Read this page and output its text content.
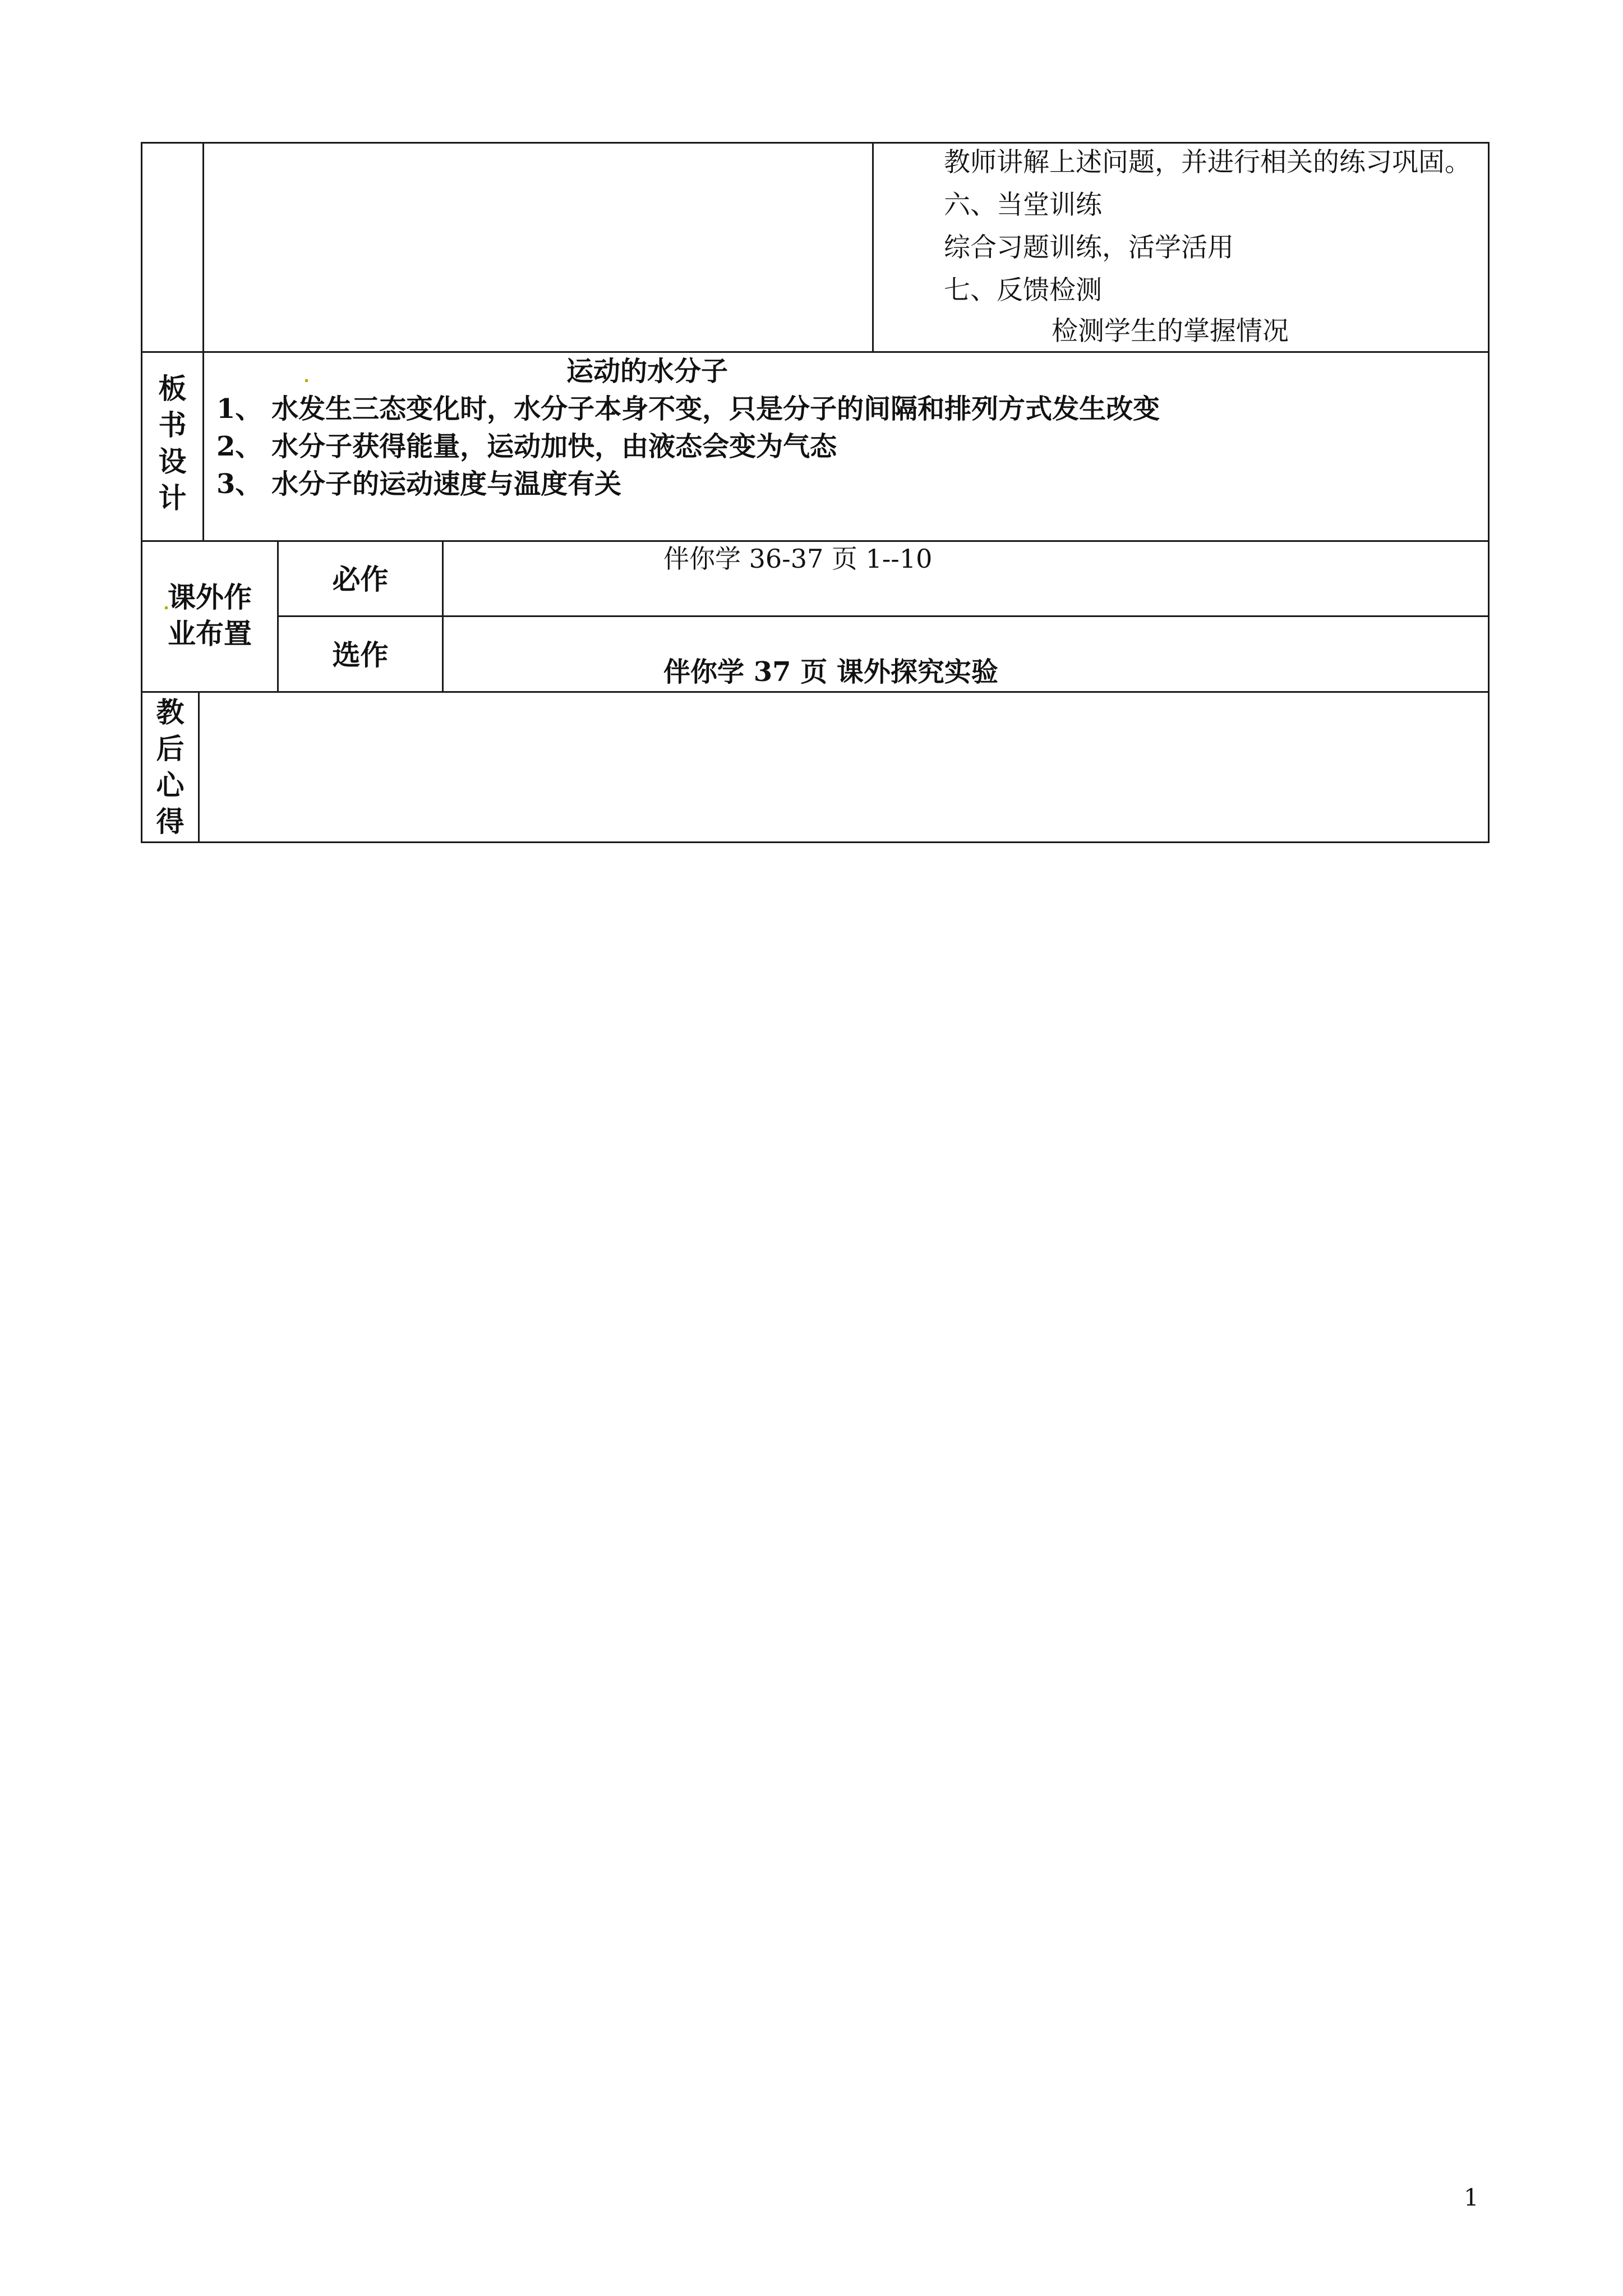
教师讲解上述问题，并进行相关的练习巩固。
六、当堂训练
综合习题训练，活学活用
七、反馈检测
检测学生的掌握情况
板
书
设
计
运动的水分子
1、 水发生三态变化时，水分子本身不变，只是分子的间隔和排列方式发生改变
2、 水分子获得能量，运动加快，由液态会变为气态
3、 水分子的运动速度与温度有关
课外作
业布置
必作
伴你学 36-37 页 1--10
选作
伴你学 37 页 课外探究实验
教
后
心
得
1
